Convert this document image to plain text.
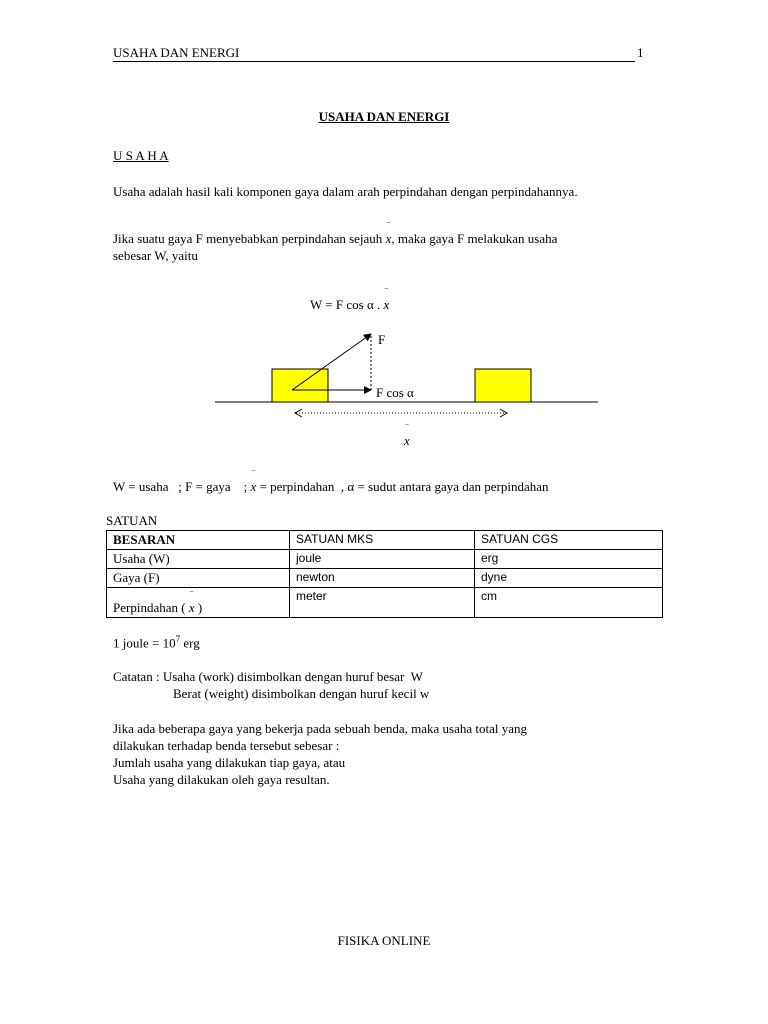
USAHA DAN ENERGI	1
USAHA DAN ENERGI
U S A H A
Usaha adalah hasil kali komponen gaya dalam arah perpindahan dengan perpindahannya.
Jika suatu gaya F menyebabkan perpindahan sejauh
‾
x, maka gaya F melakukan usaha
sebesar W, yaitu
W = F cos α .
‾
x
F
F cos α
‾
x
W = usaha   ; F = gaya    ;
‾
x = perpindahan  , α = sudut antara gaya dan perpindahan
SATUAN
BESARAN	SATUAN MKS	SATUAN CGS
Usaha (W)	joule	erg
Gaya (F)	newton	dyne
Perpindahan (
‾
x )	meter	cm
1 joule = $10^7$ erg
Catatan : Usaha (work) disimbolkan dengan huruf besar  W
Berat (weight) disimbolkan dengan huruf kecil w
Jika ada beberapa gaya yang bekerja pada sebuah benda, maka usaha total yang
dilakukan terhadap benda tersebut sebesar :
Jumlah usaha yang dilakukan tiap gaya, atau
Usaha yang dilakukan oleh gaya resultan.
FISIKA ONLINE
